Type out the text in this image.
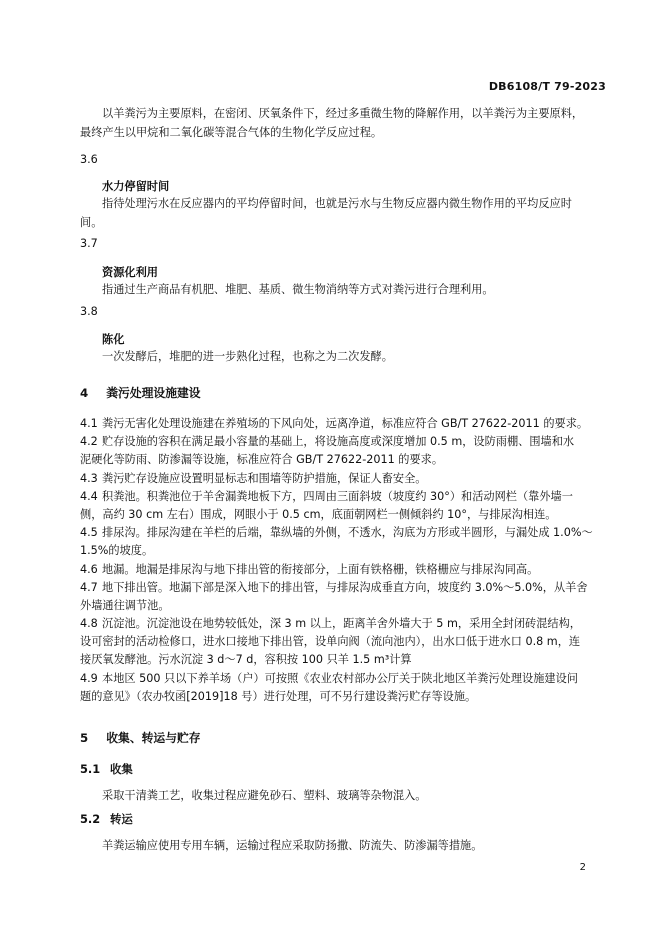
DB6108/T 79-2023
以羊粪污为主要原料，在密闭、厌氧条件下，经过多重微生物的降解作用，以羊粪污为主要原料，
最终产生以甲烷和二氧化碳等混合气体的生物化学反应过程。
3.6
水力停留时间
指待处理污水在反应器内的平均停留时间，也就是污水与生物反应器内微生物作用的平均反应时
间。
3.7
资源化利用
指通过生产商品有机肥、堆肥、基质、微生物消纳等方式对粪污进行合理利用。
3.8
陈化
一次发酵后，堆肥的进一步熟化过程，也称之为二次发酵。
4 粪污处理设施建设
4.1 粪污无害化处理设施建在养殖场的下风向处，远离净道，标准应符合 GB/T 27622-2011 的要求。
4.2 贮存设施的容积在满足最小容量的基础上，将设施高度或深度增加 0.5 m，设防雨棚、围墙和水
泥硬化等防雨、防渗漏等设施，标准应符合 GB/T 27622-2011 的要求。
4.3 粪污贮存设施应设置明显标志和围墙等防护措施，保证人畜安全。
4.4 积粪池。积粪池位于羊舍漏粪地板下方，四周由三面斜坡（坡度约 30°）和活动网栏（靠外墙一
侧，高约 30 cm 左右）围成，网眼小于 0.5 cm，底面朝网栏一侧倾斜约 10°，与排尿沟相连。
4.5 排尿沟。排尿沟建在羊栏的后端，靠纵墙的外侧，不透水，沟底为方形或半圆形，与漏处成 1.0%～
1.5%的坡度。
4.6 地漏。地漏是排尿沟与地下排出管的衔接部分，上面有铁格栅，铁格栅应与排尿沟同高。
4.7 地下排出管。地漏下部是深入地下的排出管，与排尿沟成垂直方向，坡度约 3.0%～5.0%，从羊舍
外墙通往调节池。
4.8 沉淀池。沉淀池设在地势较低处，深 3 m 以上，距离羊舍外墙大于 5 m，采用全封闭砖混结构，
设可密封的活动检修口，进水口接地下排出管，设单向阀（流向池内），出水口低于进水口 0.8 m，连
接厌氧发酵池。污水沉淀 3 d～7 d，容积按 100 只羊 1.5 m³计算
4.9 本地区 500 只以下养羊场（户）可按照《农业农村部办公厅关于陕北地区羊粪污处理设施建设问
题的意见》（农办牧函[2019]18 号）进行处理，可不另行建设粪污贮存等设施。
5 收集、转运与贮存
5.1 收集
采取干清粪工艺，收集过程应避免砂石、塑料、玻璃等杂物混入。
5.2 转运
羊粪运输应使用专用车辆，运输过程应采取防扬撒、防流失、防渗漏等措施。
2
